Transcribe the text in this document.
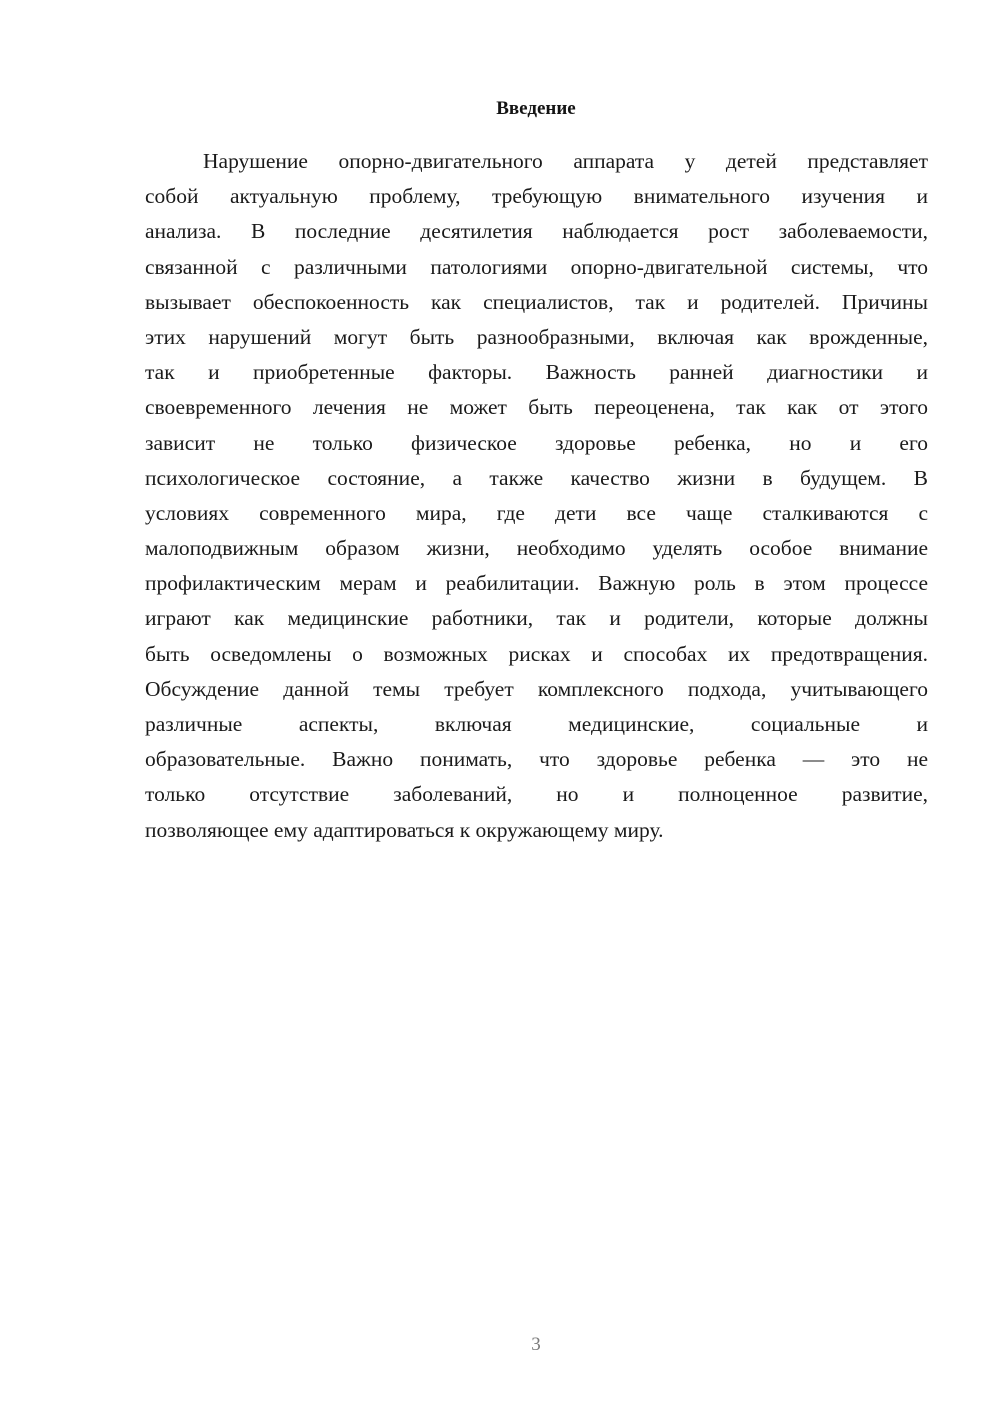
Введение
Нарушение опорно-двигательного аппарата у детей представляет
собой актуальную проблему, требующую внимательного изучения и
анализа. В последние десятилетия наблюдается рост заболеваемости,
связанной с различными патологиями опорно-двигательной системы, что
вызывает обеспокоенность как специалистов, так и родителей. Причины
этих нарушений могут быть разнообразными, включая как врожденные,
так и приобретенные факторы. Важность ранней диагностики и
своевременного лечения не может быть переоценена, так как от этого
зависит не только физическое здоровье ребенка, но и его
психологическое состояние, а также качество жизни в будущем. В
условиях современного мира, где дети все чаще сталкиваются с
малоподвижным образом жизни, необходимо уделять особое внимание
профилактическим мерам и реабилитации. Важную роль в этом процессе
играют как медицинские работники, так и родители, которые должны
быть осведомлены о возможных рисках и способах их предотвращения.
Обсуждение данной темы требует комплексного подхода, учитывающего
различные аспекты, включая медицинские, социальные и
образовательные. Важно понимать, что здоровье ребенка — это не
только отсутствие заболеваний, но и полноценное развитие,
позволяющее ему адаптироваться к окружающему миру.
3
